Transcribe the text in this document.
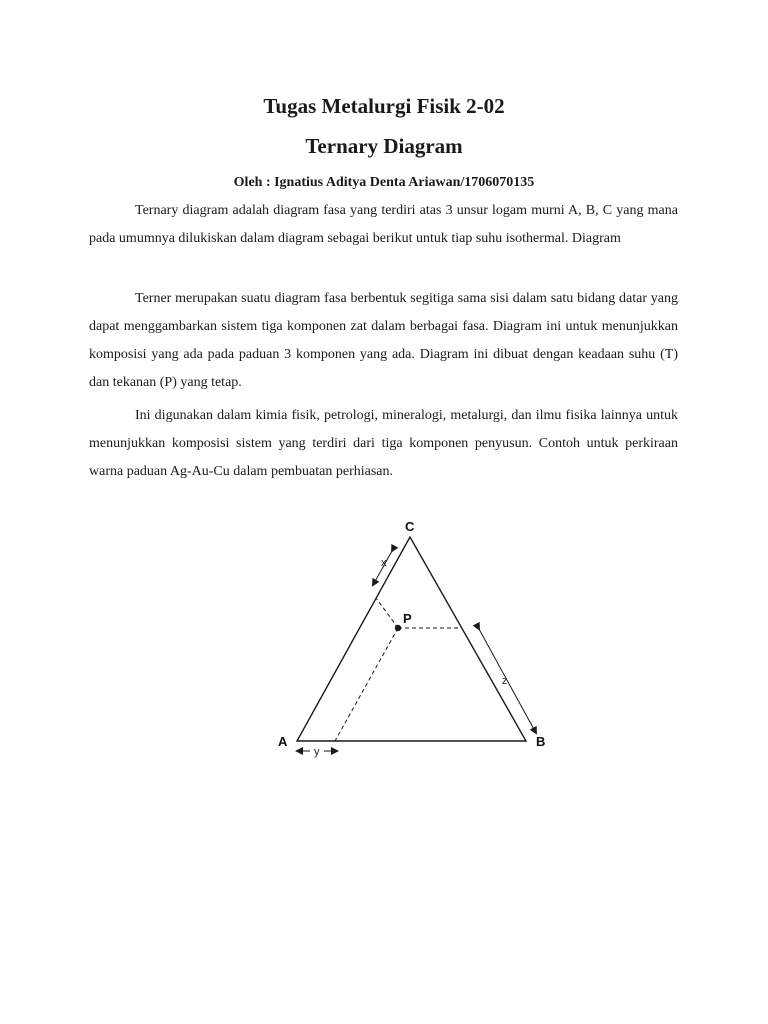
Tugas Metalurgi Fisik 2-02
Ternary Diagram

Oleh : Ignatius Aditya Denta Ariawan/1706070135

Ternary diagram adalah diagram fasa yang terdiri atas 3 unsur logam murni A, B, C yang mana pada umumnya dilukiskan dalam diagram sebagai berikut untuk tiap suhu isothermal. Diagram

Terner merupakan suatu diagram fasa berbentuk segitiga sama sisi dalam satu bidang datar yang dapat menggambarkan sistem tiga komponen zat dalam berbagai fasa. Diagram ini untuk menunjukkan komposisi yang ada pada paduan 3 komponen yang ada. Diagram ini dibuat dengan keadaan suhu (T) dan tekanan (P) yang tetap.

Ini digunakan dalam kimia fisik, petrologi, mineralogi, metalurgi, dan ilmu fisika lainnya untuk menunjukkan komposisi sistem yang terdiri dari tiga komponen penyusun. Contoh untuk perkiraan warna paduan Ag-Au-Cu dalam pembuatan perhiasan.

C
A	B
P
x
z
y
